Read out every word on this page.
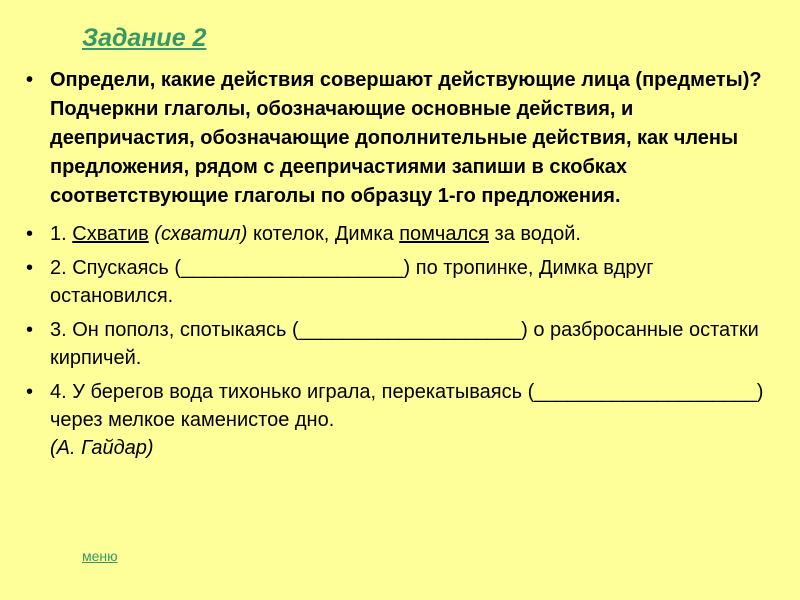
Задание 2
• Определи, какие действия совершают действующие лица (предметы)? Подчеркни глаголы, обозначающие основные действия, и деепричастия, обозначающие дополнительные действия, как члены предложения, рядом с деепричастиями запиши в скобках соответствующие глаголы по образцу 1-го предложения.
• 1. Схватив (схватил) котелок, Димка помчался за водой.
• 2. Спускаясь (____________________) по тропинке, Димка вдруг остановился.
• 3. Он пополз, спотыкаясь (____________________) о разбросанные остатки кирпичей.
• 4. У берегов вода тихонько играла, перекатываясь (____________________) через мелкое каменистое дно.
(А. Гайдар)
меню
